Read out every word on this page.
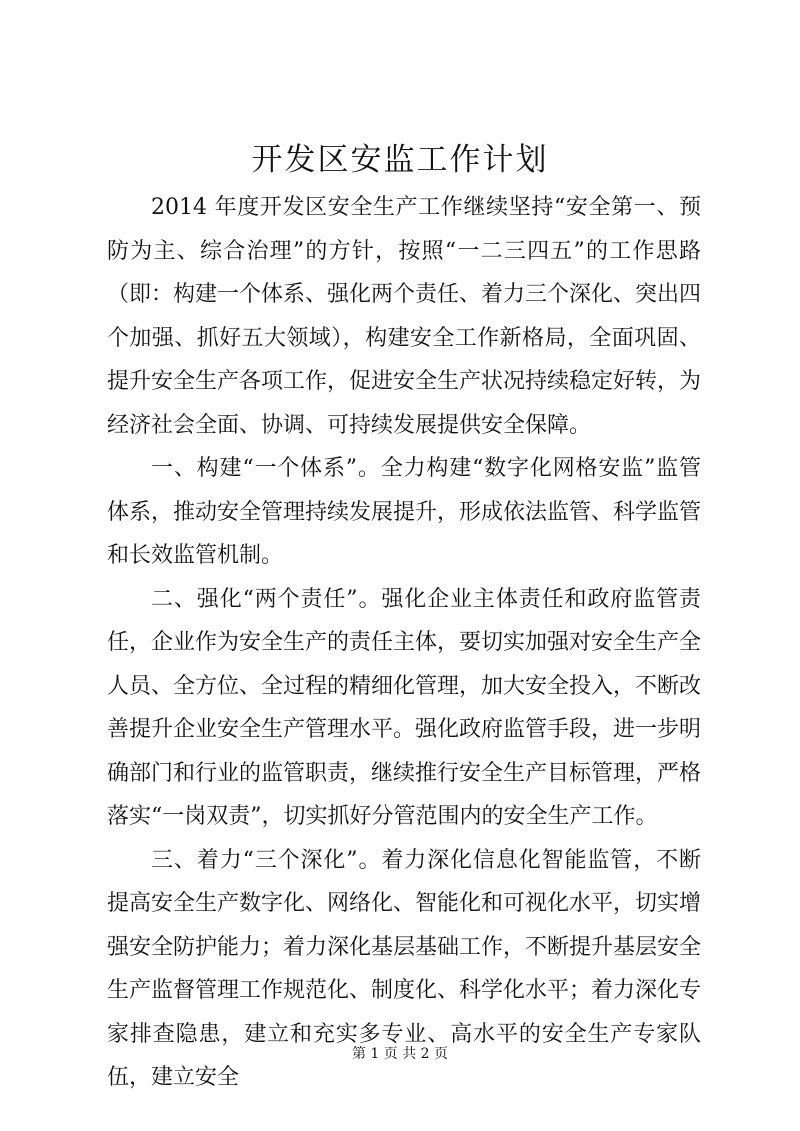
开发区安监工作计划

2014 年度开发区安全生产工作继续坚持“安全第一、预防为主、综合治理”的方针，按照“一二三四五”的工作思路（即：构建一个体系、强化两个责任、着力三个深化、突出四个加强、抓好五大领域），构建安全工作新格局，全面巩固、提升安全生产各项工作，促进安全生产状况持续稳定好转，为经济社会全面、协调、可持续发展提供安全保障。

一、构建“一个体系”。全力构建“数字化网格安监”监管体系，推动安全管理持续发展提升，形成依法监管、科学监管和长效监管机制。

二、强化“两个责任”。强化企业主体责任和政府监管责任，企业作为安全生产的责任主体，要切实加强对安全生产全人员、全方位、全过程的精细化管理，加大安全投入，不断改善提升企业安全生产管理水平。强化政府监管手段，进一步明确部门和行业的监管职责，继续推行安全生产目标管理，严格落实“一岗双责”，切实抓好分管范围内的安全生产工作。

三、着力“三个深化”。着力深化信息化智能监管，不断提高安全生产数字化、网络化、智能化和可视化水平，切实增强安全防护能力；着力深化基层基础工作，不断提升基层安全生产监督管理工作规范化、制度化、科学化水平；着力深化专家排查隐患，建立和充实多专业、高水平的安全生产专家队伍，建立安全

第 1 页 共 2 页
